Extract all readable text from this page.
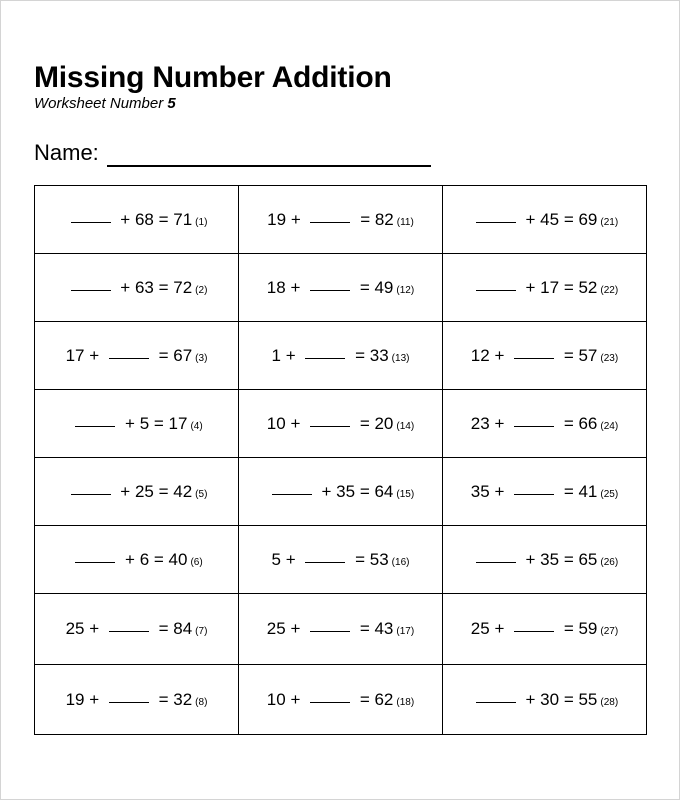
Missing Number Addition
Worksheet Number 5
Name:
+ 68 = 71 (1)	19 + = 82 (11)	+ 45 = 69 (21)

+ 63 = 72 (2)	18 + = 49 (12)	+ 17 = 52 (22)

17 + = 67 (3)	1 + = 33 (13)	12 + = 57 (23)

+ 5 = 17 (4)	10 + = 20 (14)	23 + = 66 (24)

+ 25 = 42 (5)	+ 35 = 64 (15)	35 + = 41 (25)

+ 6 = 40 (6)	5 + = 53 (16)	+ 35 = 65 (26)

25 + = 84 (7)	25 + = 43 (17)	25 + = 59 (27)

19 + = 32 (8)	10 + = 62 (18)	+ 30 = 55 (28)
